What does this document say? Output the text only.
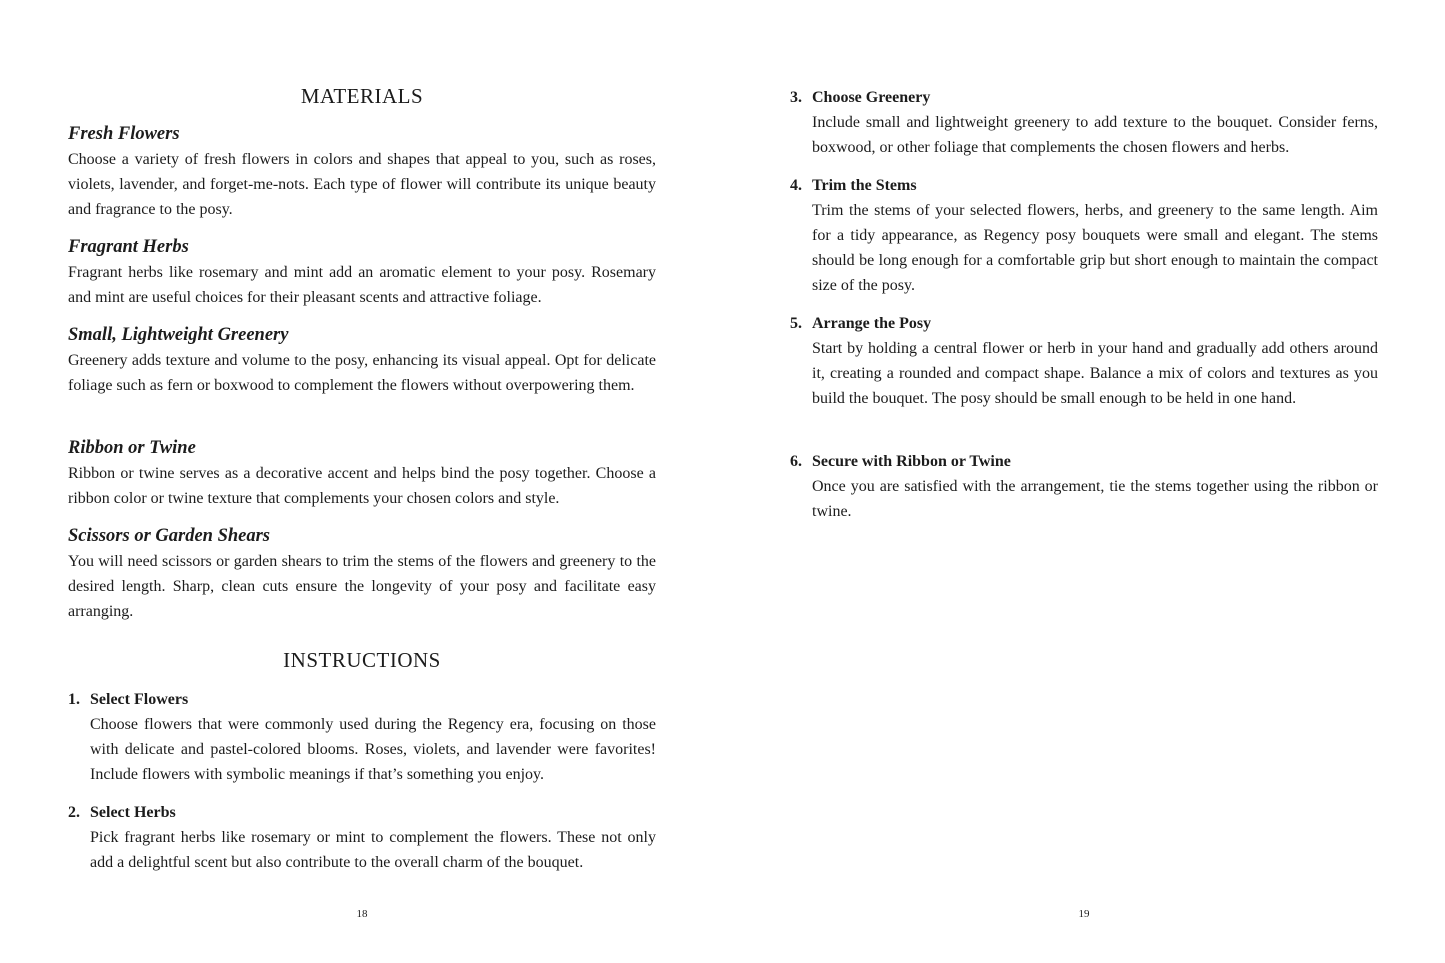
MATERIALS

Fresh Flowers

Choose a variety of fresh flowers in colors and shapes that appeal to you, such as roses, violets, lavender, and forget-me-nots. Each type of flower will contribute its unique beauty and fragrance to the posy.

Fragrant Herbs

Fragrant herbs like rosemary and mint add an aromatic element to your posy. Rosemary and mint are useful choices for their pleasant scents and attractive foliage.

Small, Lightweight Greenery

Greenery adds texture and volume to the posy, enhancing its visual appeal. Opt for delicate foliage such as fern or boxwood to complement the flowers without overpowering them.

Ribbon or Twine

Ribbon or twine serves as a decorative accent and helps bind the posy together. Choose a ribbon color or twine texture that complements your chosen colors and style.

Scissors or Garden Shears

You will need scissors or garden shears to trim the stems of the flowers and greenery to the desired length. Sharp, clean cuts ensure the longevity of your posy and facilitate easy arranging.

INSTRUCTIONS

1. Select Flowers

Choose flowers that were commonly used during the Regency era, focusing on those with delicate and pastel-colored blooms. Roses, violets, and lavender were favorites! Include flowers with symbolic meanings if that’s something you enjoy.

2. Select Herbs

Pick fragrant herbs like rosemary or mint to complement the flowers. These not only add a delightful scent but also contribute to the overall charm of the bouquet.

18

3. Choose Greenery

Include small and lightweight greenery to add texture to the bouquet. Consider ferns, boxwood, or other foliage that complements the chosen flowers and herbs.

4. Trim the Stems

Trim the stems of your selected flowers, herbs, and greenery to the same length. Aim for a tidy appearance, as Regency posy bouquets were small and elegant. The stems should be long enough for a comfortable grip but short enough to maintain the compact size of the posy.

5. Arrange the Posy

Start by holding a central flower or herb in your hand and gradually add others around it, creating a rounded and compact shape. Balance a mix of colors and textures as you build the bouquet. The posy should be small enough to be held in one hand.

6. Secure with Ribbon or Twine

Once you are satisfied with the arrangement, tie the stems together using the ribbon or twine.

19
